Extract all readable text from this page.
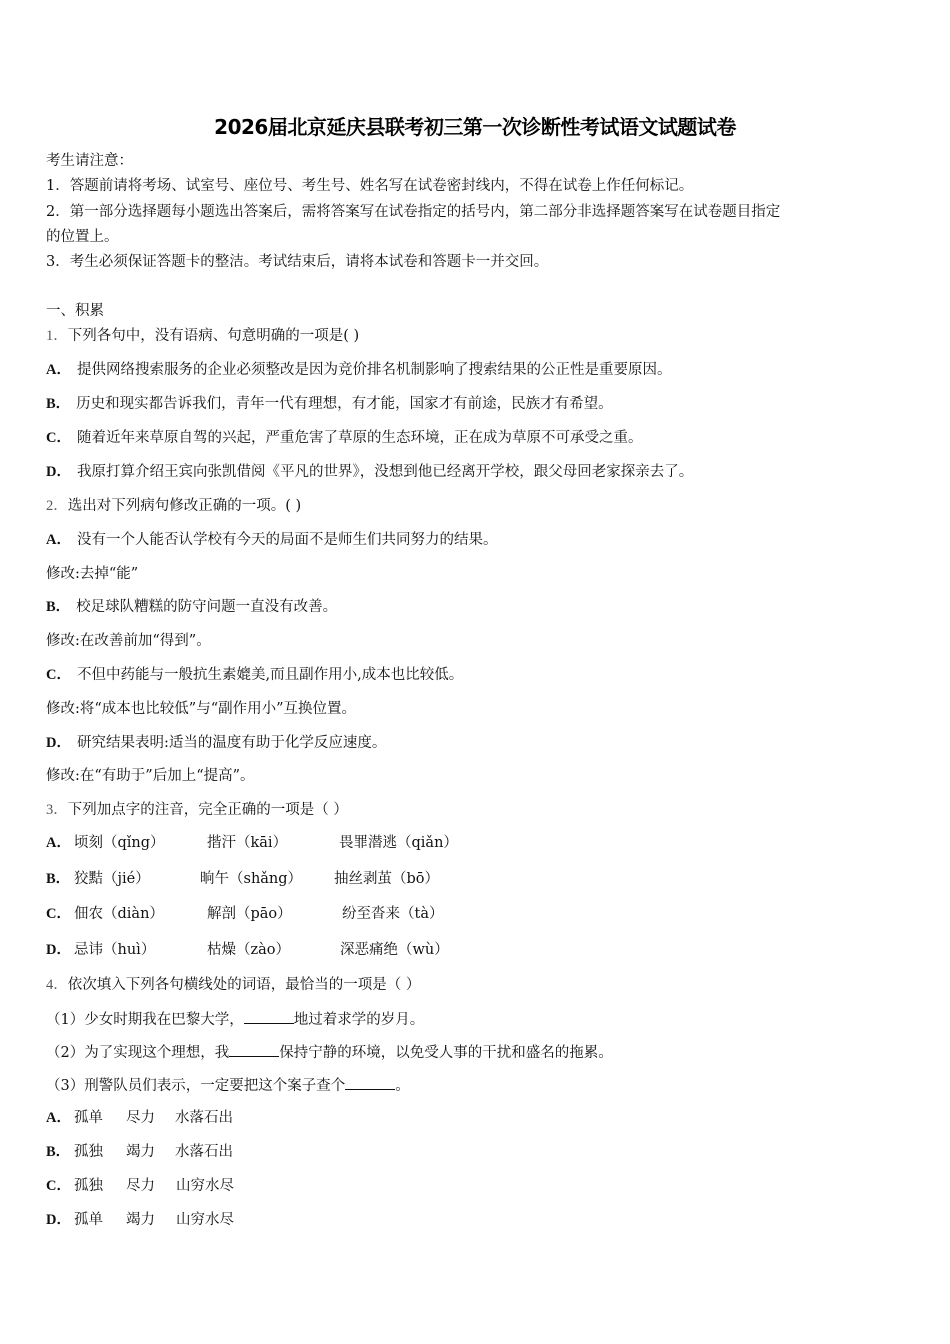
2026届北京延庆县联考初三第一次诊断性考试语文试题试卷
考生请注意：
1．答题前请将考场、试室号、座位号、考生号、姓名写在试卷密封线内，不得在试卷上作任何标记。
2．第一部分选择题每小题选出答案后，需将答案写在试卷指定的括号内，第二部分非选择题答案写在试卷题目指定
的位置上。
3．考生必须保证答题卡的整洁。考试结束后，请将本试卷和答题卡一并交回。
一、积累
1．下列各句中，没有语病、句意明确的一项是( )
A． 提供网络搜索服务的企业必须整改是因为竞价排名机制影响了搜索结果的公正性是重要原因。
B． 历史和现实都告诉我们，青年一代有理想，有才能，国家才有前途，民族才有希望。
C． 随着近年来草原自驾的兴起，严重危害了草原的生态环境，正在成为草原不可承受之重。
D． 我原打算介绍王宾向张凯借阅《平凡的世界》，没想到他已经离开学校，跟父母回老家探亲去了。
2．选出对下列病句修改正确的一项。( )
A． 没有一个人能否认学校有今天的局面不是师生们共同努力的结果。
修改:去掉“能”
B． 校足球队糟糕的防守问题一直没有改善。
修改:在改善前加“得到”。
C． 不但中药能与一般抗生素媲美,而且副作用小,成本也比较低。
修改:将“成本也比较低”与“副作用小”互换位置。
D． 研究结果表明:适当的温度有助于化学反应速度。
修改:在“有助于”后加上“提高”。
3．下列加点字的注音，完全正确的一项是（ ）
A． 顷刻（qǐng）	揩汗（kāi）	畏罪潜逃（qiǎn）
B． 狡黠（jié）	晌午（shǎng） 抽丝剥茧（bō）
C． 佃农（diàn）	解剖（pāo）	纷至沓来（tà）
D． 忌讳（huì）	枯燥（zào）	深恶痛绝（wù）
4．依次填入下列各句横线处的词语，最恰当的一项是（ ）
（1）少女时期我在巴黎大学，	地过着求学的岁月。
（2）为了实现这个理想，我	保持宁静的环境，以免受人事的干扰和盛名的拖累。
（3）刑警队员们表示，一定要把这个案子查个	。
A． 孤单 尽力 水落石出
B． 孤独 竭力 水落石出
C． 孤独 尽力 山穷水尽
D． 孤单 竭力 山穷水尽
